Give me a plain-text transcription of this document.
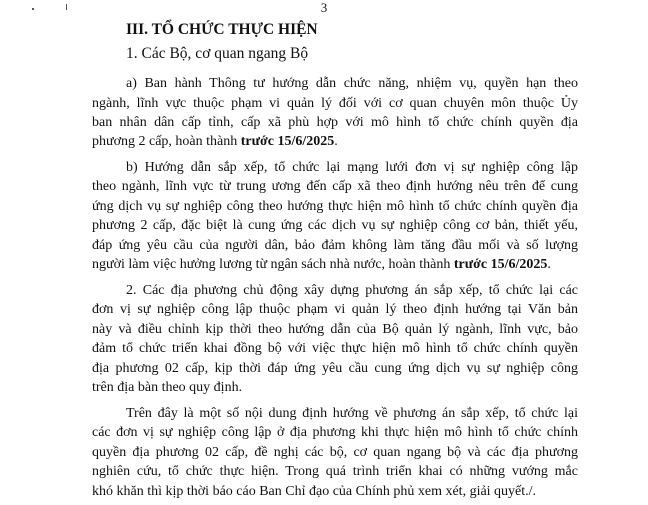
3
III. TỔ CHỨC THỰC HIỆN
1. Các Bộ, cơ quan ngang Bộ
a) Ban hành Thông tư hướng dẫn chức năng, nhiệm vụ, quyền hạn theo
ngành, lĩnh vực thuộc phạm vi quản lý đối với cơ quan chuyên môn thuộc Ủy
ban nhân dân cấp tỉnh, cấp xã phù hợp với mô hình tổ chức chính quyền địa
phương 2 cấp, hoàn thành trước 15/6/2025.
b) Hướng dẫn sắp xếp, tổ chức lại mạng lưới đơn vị sự nghiệp công lập
theo ngành, lĩnh vực từ trung ương đến cấp xã theo định hướng nêu trên để cung
ứng dịch vụ sự nghiệp công theo hướng thực hiện mô hình tổ chức chính quyền địa
phương 2 cấp, đặc biệt là cung ứng các dịch vụ sự nghiệp công cơ bản, thiết yếu,
đáp ứng yêu cầu của người dân, bảo đảm không làm tăng đầu mối và số lượng
người làm việc hưởng lương từ ngân sách nhà nước, hoàn thành trước 15/6/2025.
2. Các địa phương chủ động xây dựng phương án sắp xếp, tổ chức lại các
đơn vị sự nghiệp công lập thuộc phạm vi quản lý theo định hướng tại Văn bản
này và điều chỉnh kịp thời theo hướng dẫn của Bộ quản lý ngành, lĩnh vực, bảo
đảm tổ chức triển khai đồng bộ với việc thực hiện mô hình tổ chức chính quyền
địa phương 02 cấp, kịp thời đáp ứng yêu cầu cung ứng dịch vụ sự nghiệp công
trên địa bàn theo quy định.
Trên đây là một số nội dung định hướng về phương án sắp xếp, tổ chức lại
các đơn vị sự nghiệp công lập ở địa phương khi thực hiện mô hình tổ chức chính
quyền địa phương 02 cấp, đề nghị các bộ, cơ quan ngang bộ và các địa phương
nghiên cứu, tổ chức thực hiện. Trong quá trình triển khai có những vướng mắc
khó khăn thì kịp thời báo cáo Ban Chỉ đạo của Chính phủ xem xét, giải quyết./.
